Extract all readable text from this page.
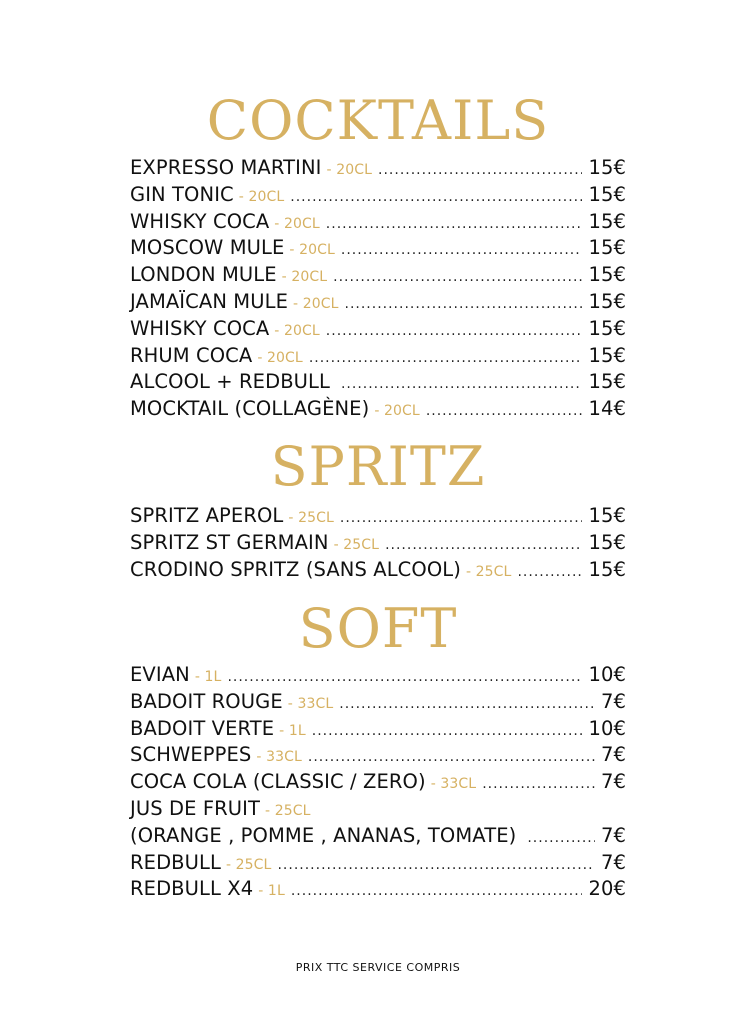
COCKTAILS
EXPRESSO MARTINI - 20CL .....	15€
GIN TONIC - 20CL .....	15€
WHISKY COCA - 20CL .....	15€
MOSCOW MULE - 20CL .....	15€
LONDON MULE - 20CL .....	15€
JAMAÏCAN MULE - 20CL .....	15€
WHISKY COCA - 20CL .....	15€
RHUM COCA - 20CL .....	15€
ALCOOL + REDBULL .....	15€
MOCKTAIL (COLLAGÈNE) - 20CL .....	14€
SPRITZ
SPRITZ APEROL - 25CL .....	15€
SPRITZ ST GERMAIN - 25CL .....	15€
CRODINO SPRITZ (SANS ALCOOL) - 25CL .....	15€
SOFT
EVIAN - 1L .....	10€
BADOIT ROUGE - 33CL .....	7€
BADOIT VERTE - 1L .....	10€
SCHWEPPES - 33CL .....	7€
COCA COLA (CLASSIC / ZERO) - 33CL .....	7€
JUS DE FRUIT - 25CL
(ORANGE , POMME , ANANAS, TOMATE) .....	7€
REDBULL - 25CL .....	7€
REDBULL X4 - 1L .....	20€
PRIX TTC SERVICE COMPRIS
